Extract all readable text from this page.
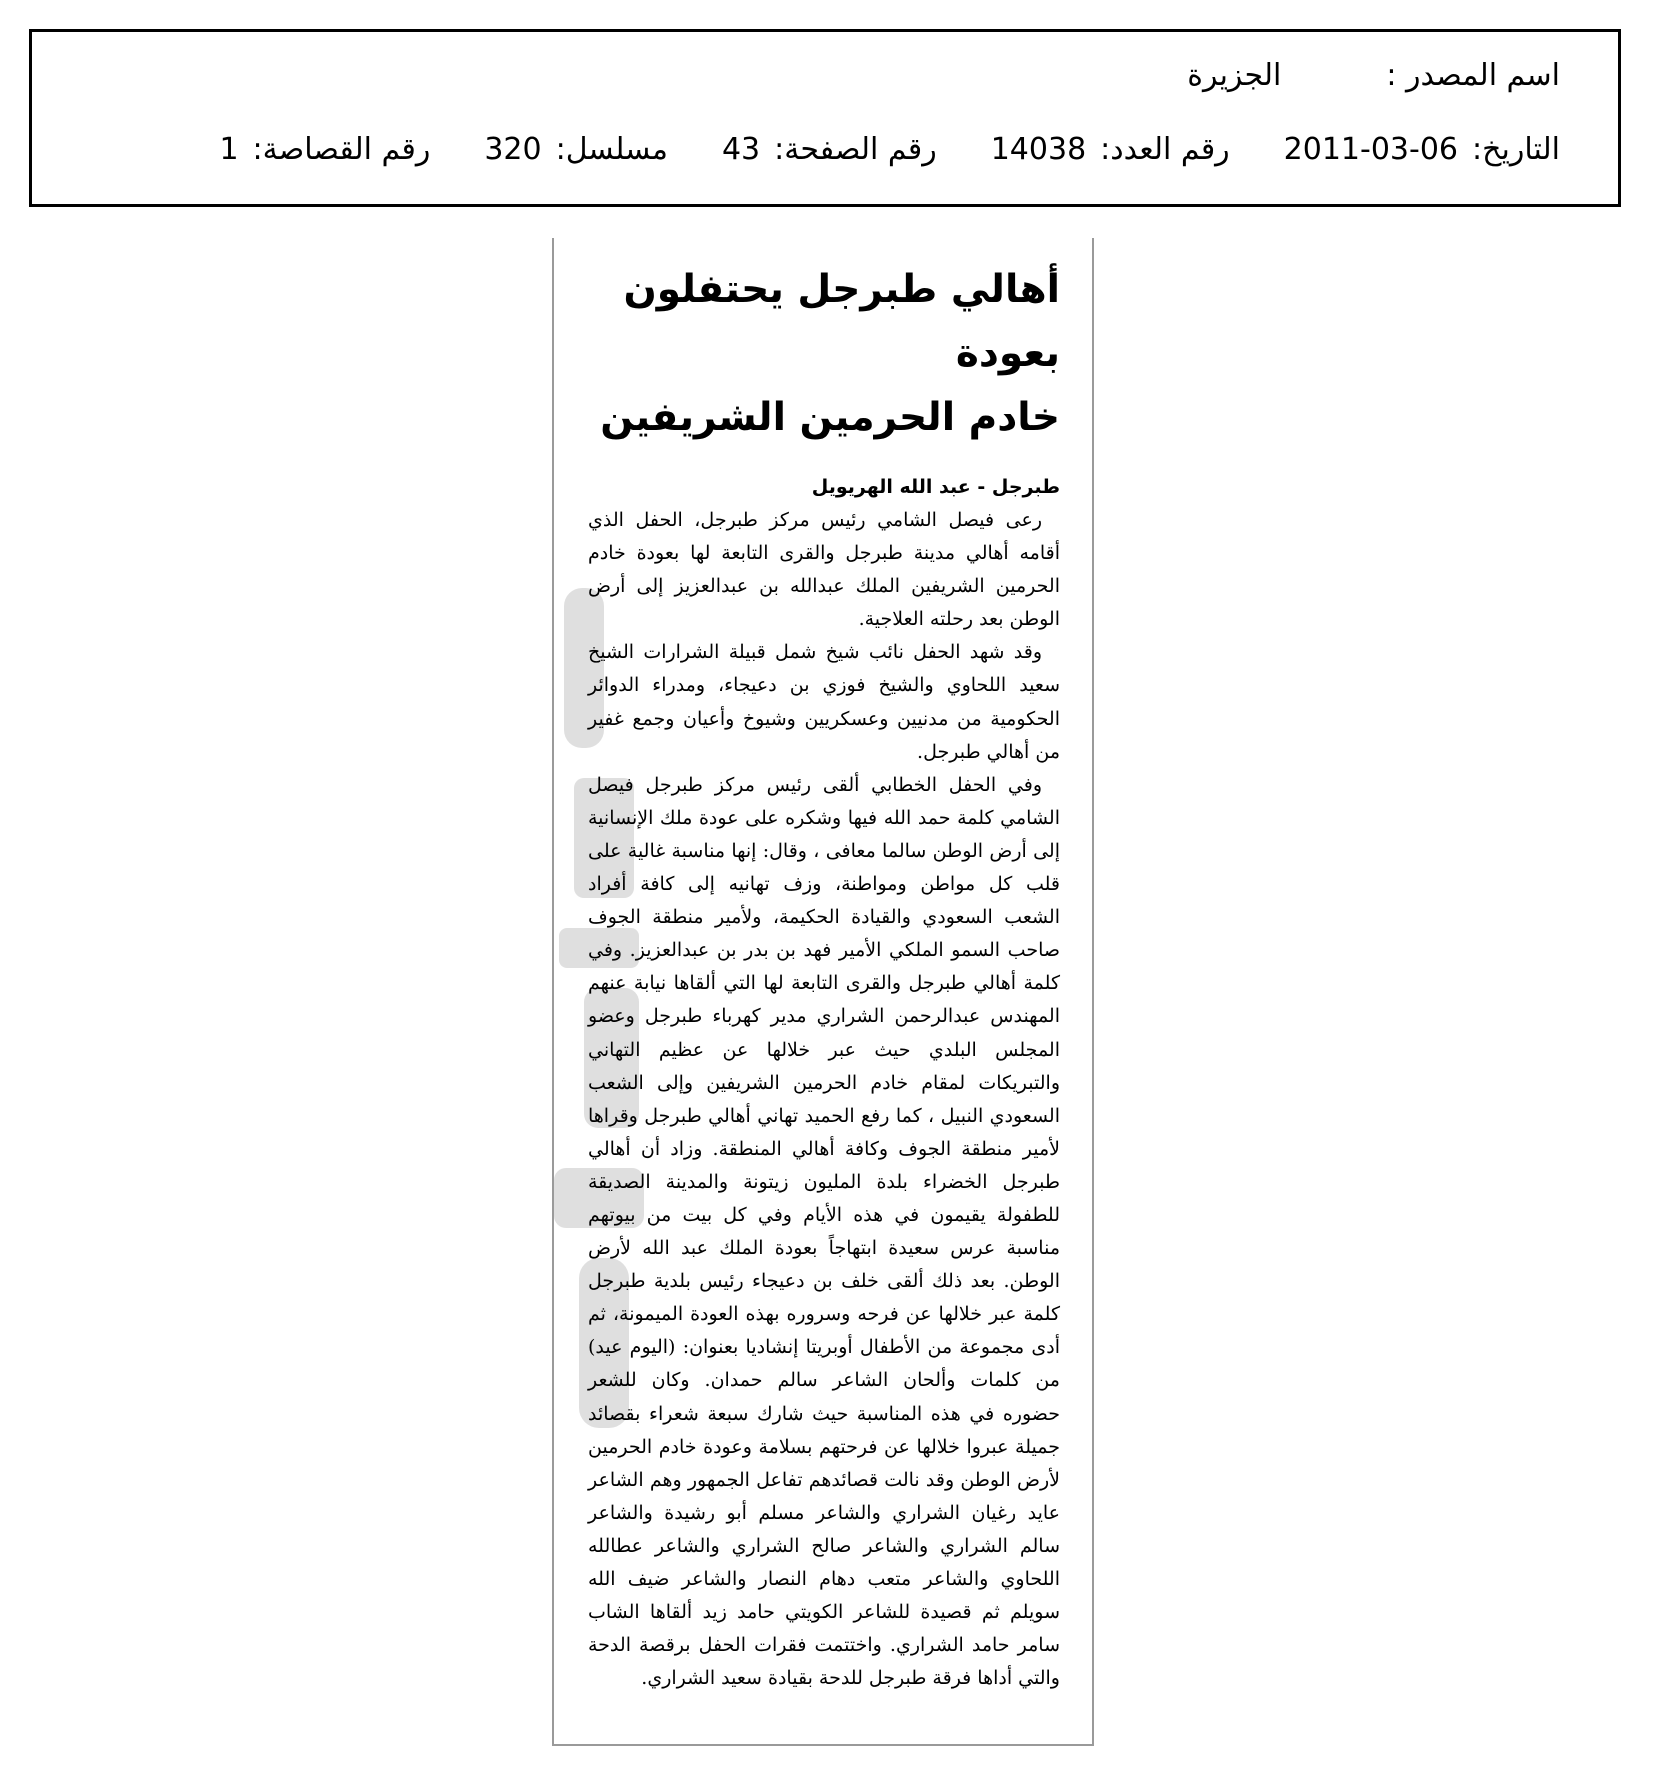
اسم المصدر :
الجزيرة
التاريخ:
2011-03-06
رقم العدد:
14038
رقم الصفحة:
43
مسلسل:
320
رقم القصاصة:
1
أهالي طبرجل يحتفلون بعودة
خادم الحرمين الشريفين
طبرجل - عبد الله الهريويل

رعى فيصل الشامي رئيس مركز طبرجل، الحفل الذي أقامه أهالي مدينة طبرجل والقرى التابعة لها بعودة خادم الحرمين الشريفين الملك عبدالله بن عبدالعزيز إلى أرض الوطن بعد رحلته العلاجية.

وقد شهد الحفل نائب شيخ شمل قبيلة الشرارات الشيخ سعيد اللحاوي والشيخ فوزي بن دعيجاء، ومدراء الدوائر الحكومية من مدنيين وعسكريين وشيوخ وأعيان وجمع غفير من أهالي طبرجل.

وفي الحفل الخطابي ألقى رئيس مركز طبرجل فيصل الشامي كلمة حمد الله فيها وشكره على عودة ملك الإنسانية إلى أرض الوطن سالما معافى ، وقال: إنها مناسبة غالية على قلب كل مواطن ومواطنة، وزف تهانيه إلى كافة أفراد الشعب السعودي والقيادة الحكيمة، ولأمير منطقة الجوف صاحب السمو الملكي الأمير فهد بن بدر بن عبدالعزيز. وفي كلمة أهالي طبرجل والقرى التابعة لها التي ألقاها نيابة عنهم المهندس عبدالرحمن الشراري مدير كهرباء طبرجل وعضو المجلس البلدي حيث عبر خلالها عن عظيم التهاني والتبريكات لمقام خادم الحرمين الشريفين وإلى الشعب السعودي النبيل ، كما رفع الحميد تهاني أهالي طبرجل وقراها لأمير منطقة الجوف وكافة أهالي المنطقة. وزاد أن أهالي طبرجل الخضراء بلدة المليون زيتونة والمدينة الصديقة للطفولة يقيمون في هذه الأيام وفي كل بيت من بيوتهم مناسبة عرس سعيدة ابتهاجاً بعودة الملك عبد الله لأرض الوطن. بعد ذلك ألقى خلف بن دعيجاء رئيس بلدية طبرجل كلمة عبر خلالها عن فرحه وسروره بهذه العودة الميمونة، ثم أدى مجموعة من الأطفال أوبريتا إنشاديا بعنوان: (اليوم عيد) من كلمات وألحان الشاعر سالم حمدان. وكان للشعر حضوره في هذه المناسبة حيث شارك سبعة شعراء بقصائد جميلة عبروا خلالها عن فرحتهم بسلامة وعودة خادم الحرمين لأرض الوطن وقد نالت قصائدهم تفاعل الجمهور وهم الشاعر عايد رغيان الشراري والشاعر مسلم أبو رشيدة والشاعر سالم الشراري والشاعر صالح الشراري والشاعر عطالله اللحاوي والشاعر متعب دهام النصار والشاعر ضيف الله سويلم ثم قصيدة للشاعر الكويتي حامد زيد ألقاها الشاب سامر حامد الشراري. واختتمت فقرات الحفل برقصة الدحة والتي أداها فرقة طبرجل للدحة بقيادة سعيد الشراري.
